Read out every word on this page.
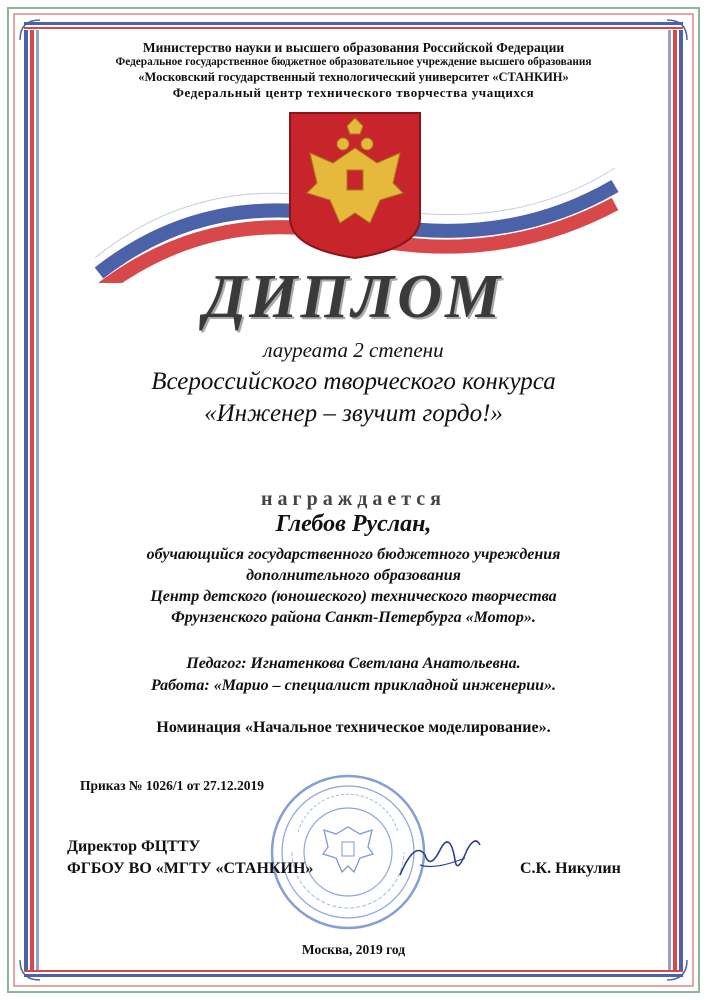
Министерство науки и высшего образования Российской Федерации
Федеральное государственное бюджетное образовательное учреждение высшего образования
«Московский государственный технологический университет «СТАНКИН»
Федеральный центр технического творчества учащихся
ДИПЛОМ
лауреата 2 степени
Всероссийского творческого конкурса
«Инженер – звучит гордо!»
награждается
Глебов Руслан,
обучающийся государственного бюджетного учреждения
дополнительного образования
Центр детского (юношеского) технического творчества
Фрунзенского района Санкт-Петербурга «Мотор».
Педагог: Игнатенкова Светлана Анатольевна.
Работа: «Марио – специалист прикладной инженерии».
Номинация «Начальное техническое моделирование».
Приказ № 1026/1 от 27.12.2019
Директор ФЦТТУ
ФГБОУ ВО «МГТУ «СТАНКИН»	С.К. Никулин
Москва, 2019 год
